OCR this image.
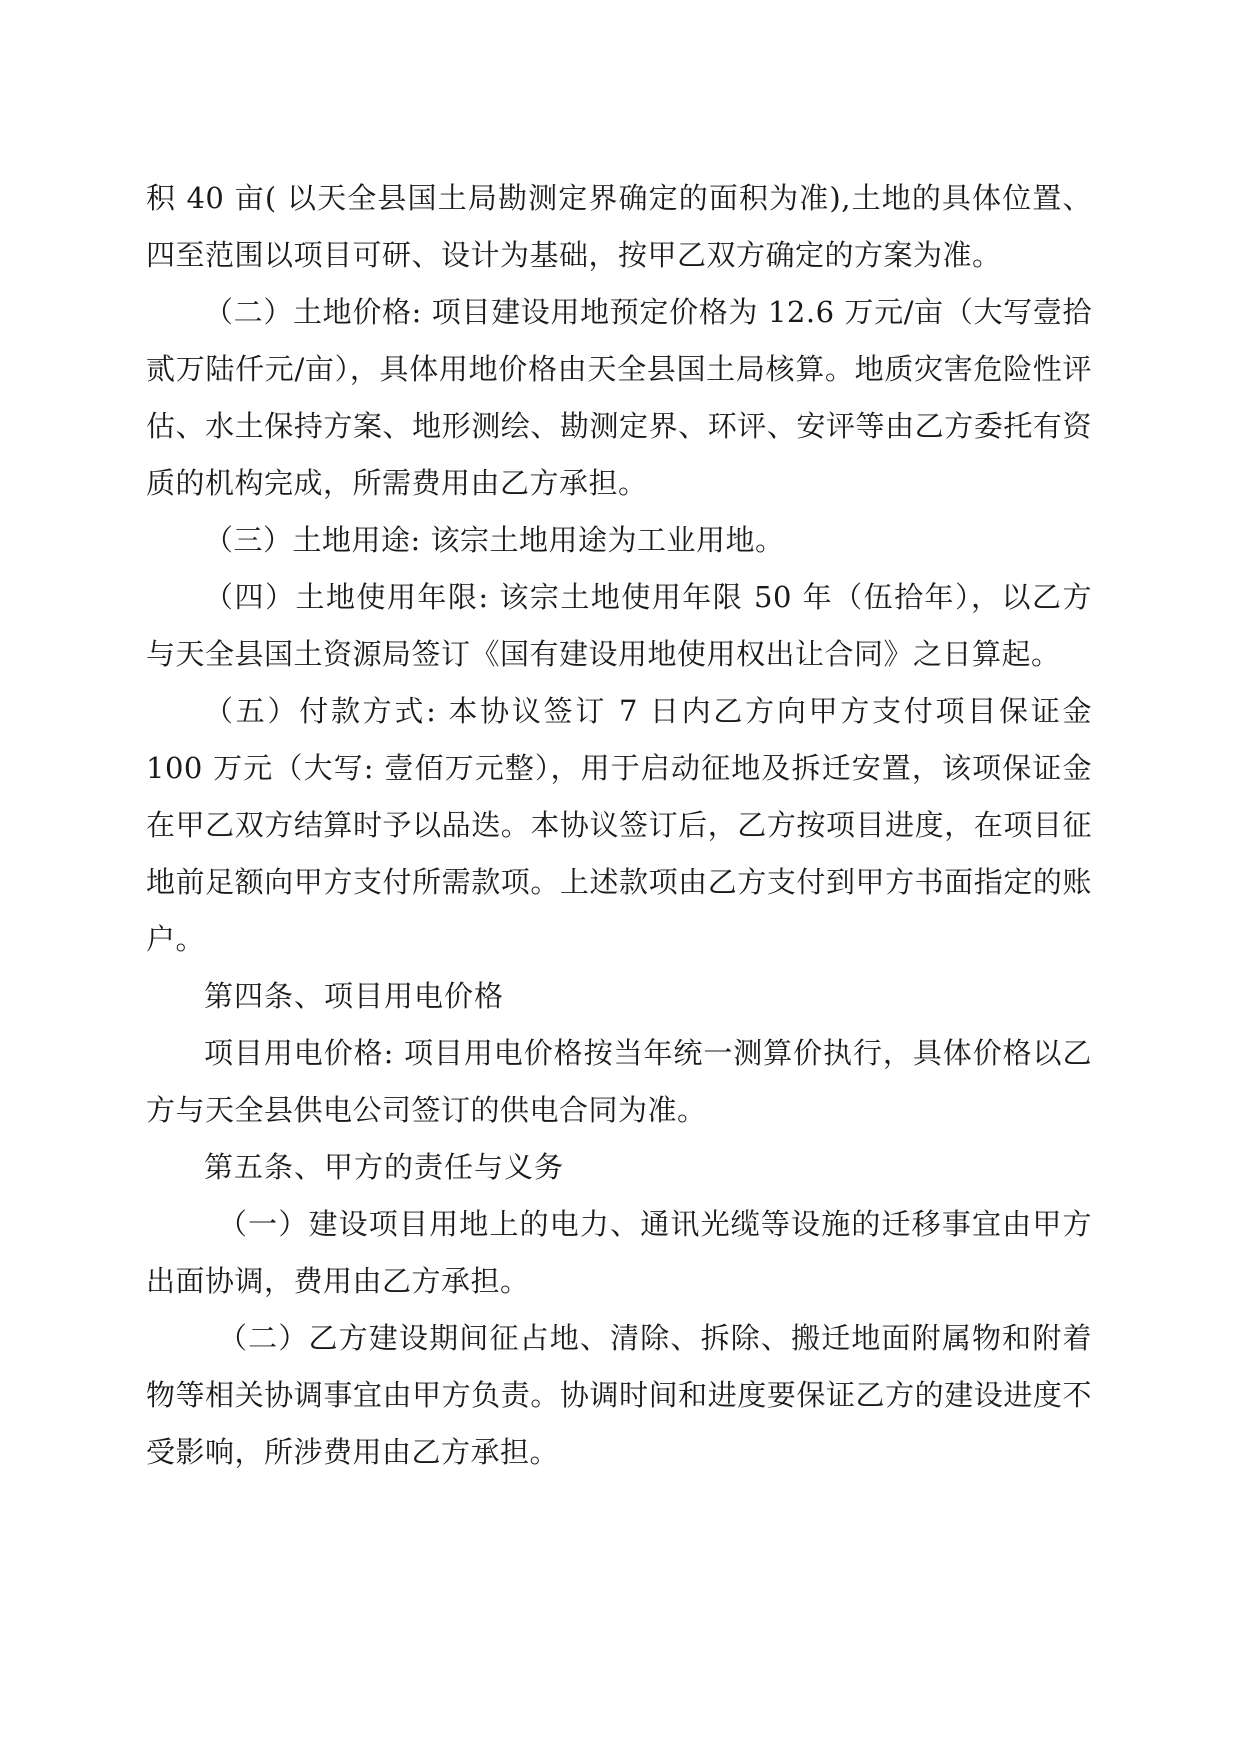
积 40 亩( 以天全县国土局勘测定界确定的面积为准),土地的具体位置、四至范围以项目可研、设计为基础，按甲乙双方确定的方案为准。

（二）土地价格: 项目建设用地预定价格为 12.6 万元/亩（大写壹拾贰万陆仟元/亩），具体用地价格由天全县国土局核算。地质灾害危险性评估、水土保持方案、地形测绘、勘测定界、环评、安评等由乙方委托有资质的机构完成，所需费用由乙方承担。

（三）土地用途: 该宗土地用途为工业用地。

（四）土地使用年限: 该宗土地使用年限 50 年（伍拾年），以乙方与天全县国土资源局签订《国有建设用地使用权出让合同》之日算起。

（五）付款方式: 本协议签订 7 日内乙方向甲方支付项目保证金 100 万元（大写: 壹佰万元整），用于启动征地及拆迁安置，该项保证金在甲乙双方结算时予以品迭。本协议签订后，乙方按项目进度，在项目征地前足额向甲方支付所需款项。上述款项由乙方支付到甲方书面指定的账户。

第四条、项目用电价格

项目用电价格: 项目用电价格按当年统一测算价执行，具体价格以乙方与天全县供电公司签订的供电合同为准。

第五条、甲方的责任与义务

（一）建设项目用地上的电力、通讯光缆等设施的迁移事宜由甲方出面协调，费用由乙方承担。

（二）乙方建设期间征占地、清除、拆除、搬迁地面附属物和附着物等相关协调事宜由甲方负责。协调时间和进度要保证乙方的建设进度不受影响，所涉费用由乙方承担。
